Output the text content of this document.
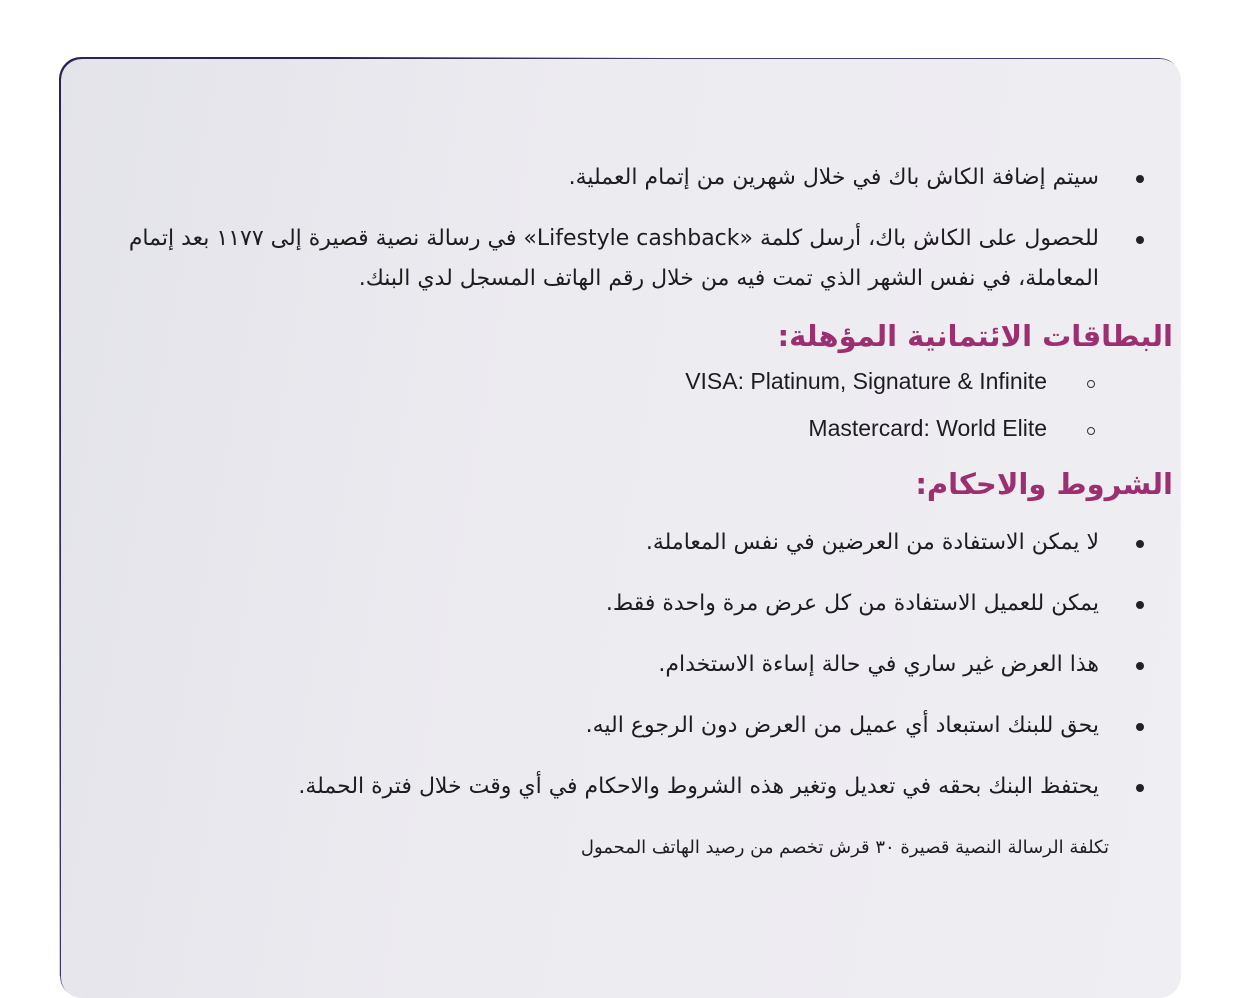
سيتم إضافة الكاش باك في خلال شهرين من إتمام العملية.
للحصول على الكاش باك، أرسل كلمة «Lifestyle cashback» في رسالة نصية قصيرة إلى ١١٧٧ بعد إتمام
المعاملة، في نفس الشهر الذي تمت فيه من خلال رقم الهاتف المسجل لدي البنك.
البطاقات الائتمانية المؤهلة:
VISA: Platinum, Signature & Infinite
Mastercard: World Elite
الشروط والاحكام:
لا يمكن الاستفادة من العرضين في نفس المعاملة.
يمكن للعميل الاستفادة من كل عرض مرة واحدة فقط.
هذا العرض غير ساري في حالة إساءة الاستخدام.
يحق للبنك استبعاد أي عميل من العرض دون الرجوع اليه.
يحتفظ البنك بحقه في تعديل وتغير هذه الشروط والاحكام في أي وقت خلال فترة الحملة.
تكلفة الرسالة النصية قصيرة ٣٠ قرش تخصم من رصيد الهاتف المحمول
